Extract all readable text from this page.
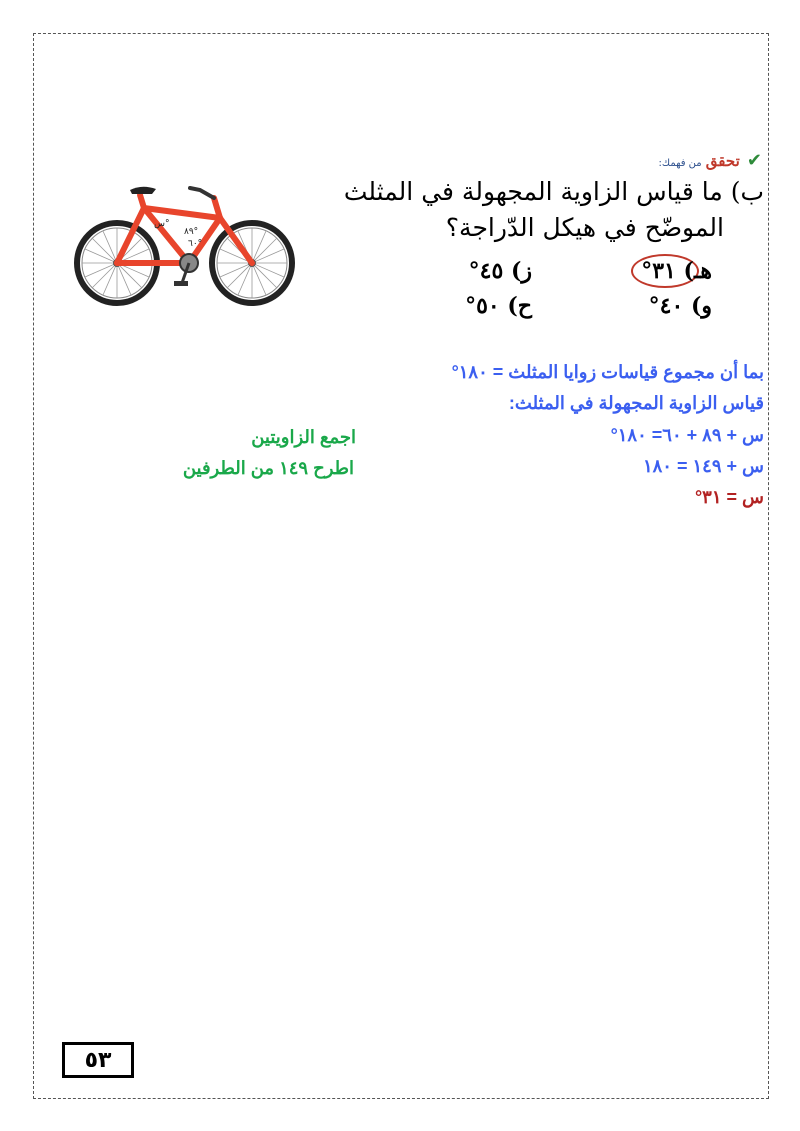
✔ تحقق من فهمك:
ب) ما قياس الزاوية المجهولة في المثلث
الموضّح في هيكل الدّراجة؟
هـ) ٣١°
ز) ٤٥°
و) ٤٠°
ح) ٥٠°
س°
٨٩°
٦٠°
بما أن مجموع قياسات زوايا المثلث = ١٨٠°
قياس الزاوية المجهولة في المثلث:
س + ٨٩ + ٦٠= ١٨٠°
س + ١٤٩ = ١٨٠
س = ٣١°
اجمع الزاويتين
اطرح ١٤٩ من الطرفين
٥٣
